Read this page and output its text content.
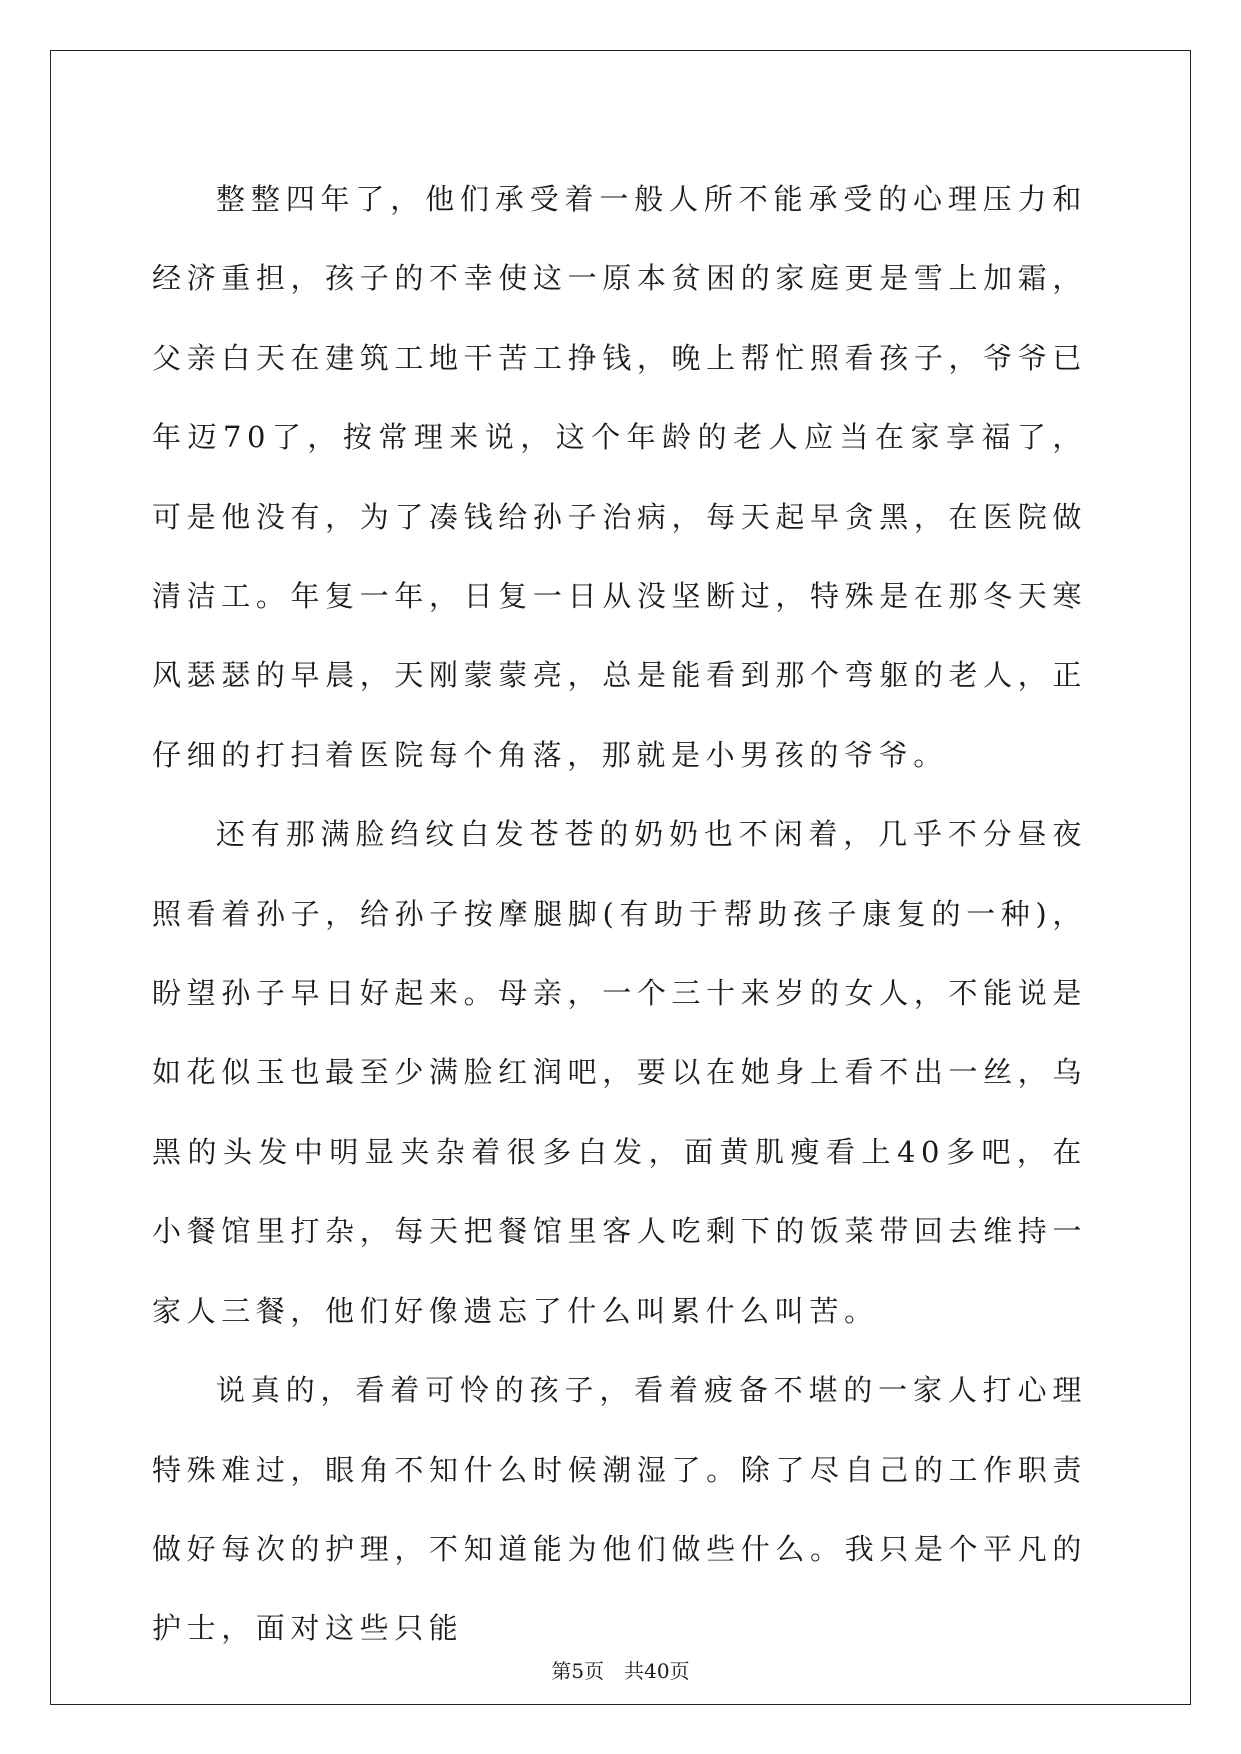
整整四年了，他们承受着一般人所不能承受的心理压力和经济重担，孩子的不幸使这一原本贫困的家庭更是雪上加霜，父亲白天在建筑工地干苦工挣钱，晚上帮忙照看孩子，爷爷已年迈70了，按常理来说，这个年龄的老人应当在家享福了，可是他没有，为了凑钱给孙子治病，每天起早贪黑，在医院做清洁工。年复一年，日复一日从没坚断过，特殊是在那冬天寒风瑟瑟的早晨，天刚蒙蒙亮，总是能看到那个弯躯的老人，正仔细的打扫着医院每个角落，那就是小男孩的爷爷。

还有那满脸绉纹白发苍苍的奶奶也不闲着，几乎不分昼夜照看着孙子，给孙子按摩腿脚(有助于帮助孩子康复的一种)，盼望孙子早日好起来。母亲，一个三十来岁的女人，不能说是如花似玉也最至少满脸红润吧，要以在她身上看不出一丝，乌黑的头发中明显夹杂着很多白发，面黄肌瘦看上40多吧，在小餐馆里打杂，每天把餐馆里客人吃剩下的饭菜带回去维持一家人三餐，他们好像遗忘了什么叫累什么叫苦。

说真的，看着可怜的孩子，看着疲备不堪的一家人打心理特殊难过，眼角不知什么时候潮湿了。除了尽自己的工作职责做好每次的护理，不知道能为他们做些什么。我只是个平凡的护士，面对这些只能

第5页 共40页
